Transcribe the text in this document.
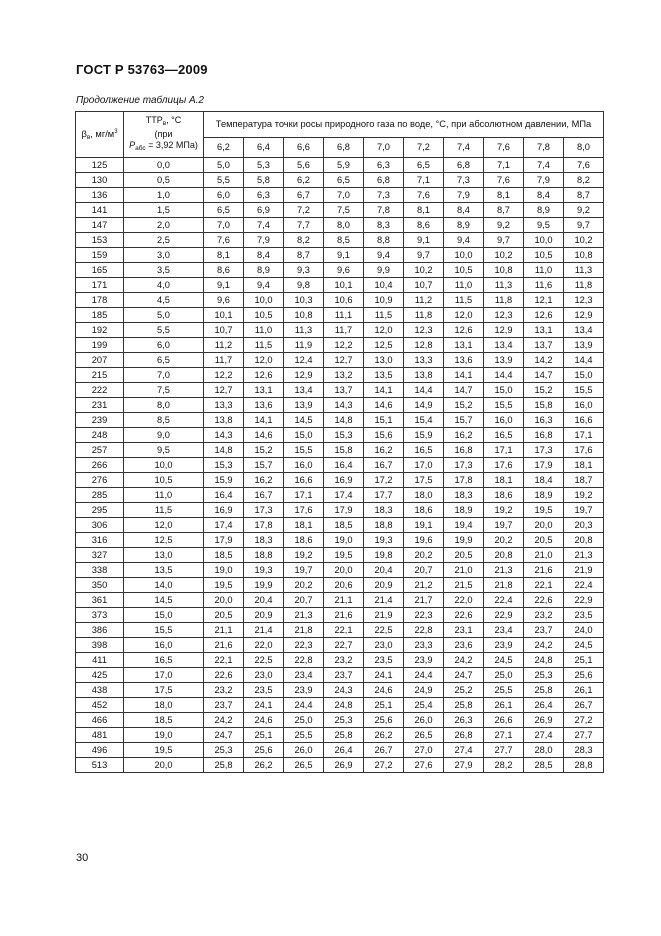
ГОСТ Р 53763—2009
Продолжение таблицы А.2
$\beta_в$, $мг/м^3$	$ТТР_в$, °С
(при
$P_{абс} = 3,92$ МПа)	Температура точки росы природного газа по воде, °С, при абсолютном давлении, МПа									
		6,2	6,4	6,6	6,8	7,0	7,2	7,4	7,6	7,8	8,0
125	0,0	5,0	5,3	5,6	5,9	6,3	6,5	6,8	7,1	7,4	7,6
130	0,5	5,5	5,8	6,2	6,5	6,8	7,1	7,3	7,6	7,9	8,2
136	1,0	6,0	6,3	6,7	7,0	7,3	7,6	7,9	8,1	8,4	8,7
141	1,5	6,5	6,9	7,2	7,5	7,8	8,1	8,4	8,7	8,9	9,2
147	2,0	7,0	7,4	7,7	8,0	8,3	8,6	8,9	9,2	9,5	9,7
153	2,5	7,6	7,9	8,2	8,5	8,8	9,1	9,4	9,7	10,0	10,2
159	3,0	8,1	8,4	8,7	9,1	9,4	9,7	10,0	10,2	10,5	10,8
165	3,5	8,6	8,9	9,3	9,6	9,9	10,2	10,5	10,8	11,0	11,3
171	4,0	9,1	9,4	9,8	10,1	10,4	10,7	11,0	11,3	11,6	11,8
178	4,5	9,6	10,0	10,3	10,6	10,9	11,2	11,5	11,8	12,1	12,3
185	5,0	10,1	10,5	10,8	11,1	11,5	11,8	12,0	12,3	12,6	12,9
192	5,5	10,7	11,0	11,3	11,7	12,0	12,3	12,6	12,9	13,1	13,4
199	6,0	11,2	11,5	11,9	12,2	12,5	12,8	13,1	13,4	13,7	13,9
207	6,5	11,7	12,0	12,4	12,7	13,0	13,3	13,6	13,9	14,2	14,4
215	7,0	12,2	12,6	12,9	13,2	13,5	13,8	14,1	14,4	14,7	15,0
222	7,5	12,7	13,1	13,4	13,7	14,1	14,4	14,7	15,0	15,2	15,5
231	8,0	13,3	13,6	13,9	14,3	14,6	14,9	15,2	15,5	15,8	16,0
239	8,5	13,8	14,1	14,5	14,8	15,1	15,4	15,7	16,0	16,3	16,6
248	9,0	14,3	14,6	15,0	15,3	15,6	15,9	16,2	16,5	16,8	17,1
257	9,5	14,8	15,2	15,5	15,8	16,2	16,5	16,8	17,1	17,3	17,6
266	10,0	15,3	15,7	16,0	16,4	16,7	17,0	17,3	17,6	17,9	18,1
276	10,5	15,9	16,2	16,6	16,9	17,2	17,5	17,8	18,1	18,4	18,7
285	11,0	16,4	16,7	17,1	17,4	17,7	18,0	18,3	18,6	18,9	19,2
295	11,5	16,9	17,3	17,6	17,9	18,3	18,6	18,9	19,2	19,5	19,7
306	12,0	17,4	17,8	18,1	18,5	18,8	19,1	19,4	19,7	20,0	20,3
316	12,5	17,9	18,3	18,6	19,0	19,3	19,6	19,9	20,2	20,5	20,8
327	13,0	18,5	18,8	19,2	19,5	19,8	20,2	20,5	20,8	21,0	21,3
338	13,5	19,0	19,3	19,7	20,0	20,4	20,7	21,0	21,3	21,6	21,9
350	14,0	19,5	19,9	20,2	20,6	20,9	21,2	21,5	21,8	22,1	22,4
361	14,5	20,0	20,4	20,7	21,1	21,4	21,7	22,0	22,4	22,6	22,9
373	15,0	20,5	20,9	21,3	21,6	21,9	22,3	22,6	22,9	23,2	23,5
386	15,5	21,1	21,4	21,8	22,1	22,5	22,8	23,1	23,4	23,7	24,0
398	16,0	21,6	22,0	22,3	22,7	23,0	23,3	23,6	23,9	24,2	24,5
411	16,5	22,1	22,5	22,8	23,2	23,5	23,9	24,2	24,5	24,8	25,1
425	17,0	22,6	23,0	23,4	23,7	24,1	24,4	24,7	25,0	25,3	25,6
438	17,5	23,2	23,5	23,9	24,3	24,6	24,9	25,2	25,5	25,8	26,1
452	18,0	23,7	24,1	24,4	24,8	25,1	25,4	25,8	26,1	26,4	26,7
466	18,5	24,2	24,6	25,0	25,3	25,6	26,0	26,3	26,6	26,9	27,2
481	19,0	24,7	25,1	25,5	25,8	26,2	26,5	26,8	27,1	27,4	27,7
496	19,5	25,3	25,6	26,0	26,4	26,7	27,0	27,4	27,7	28,0	28,3
513	20,0	25,8	26,2	26,5	26,9	27,2	27,6	27,9	28,2	28,5	28,8
30
